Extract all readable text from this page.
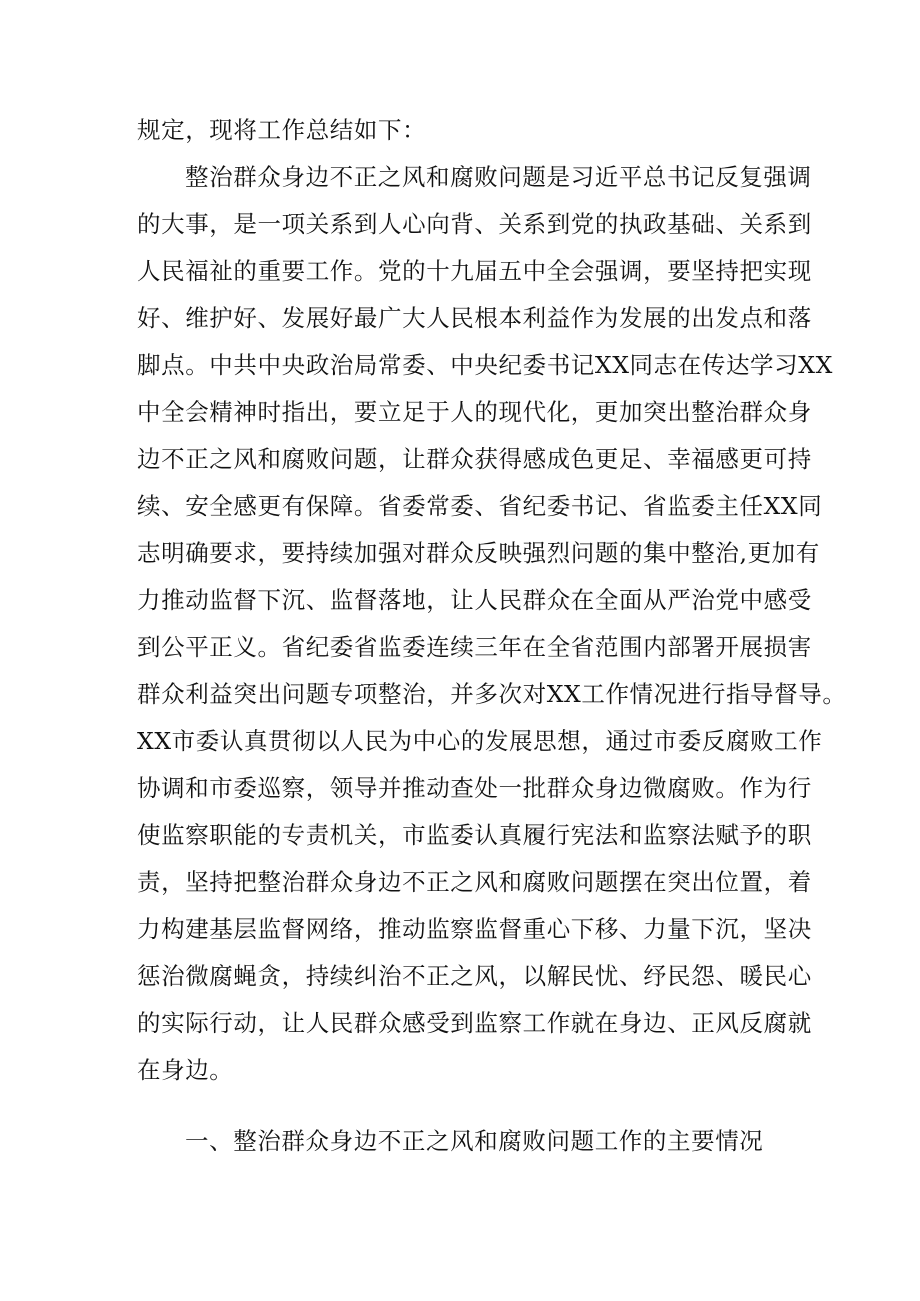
规定，现将工作总结如下：
整治群众身边不正之风和腐败问题是习近平总书记反复强调
的大事，是一项关系到人心向背、关系到党的执政基础、关系到
人民福祉的重要工作。党的十九届五中全会强调，要坚持把实现
好、维护好、发展好最广大人民根本利益作为发展的出发点和落
脚点。中共中央政治局常委、中央纪委书记XX同志在传达学习XX
中全会精神时指出，要立足于人的现代化，更加突出整治群众身
边不正之风和腐败问题，让群众获得感成色更足、幸福感更可持
续、安全感更有保障。省委常委、省纪委书记、省监委主任XX同
志明确要求，要持续加强对群众反映强烈问题的集中整治,更加有
力推动监督下沉、监督落地，让人民群众在全面从严治党中感受
到公平正义。省纪委省监委连续三年在全省范围内部署开展损害
群众利益突出问题专项整治，并多次对XX工作情况进行指导督导。
XX市委认真贯彻以人民为中心的发展思想，通过市委反腐败工作
协调和市委巡察，领导并推动查处一批群众身边微腐败。作为行
使监察职能的专责机关，市监委认真履行宪法和监察法赋予的职
责，坚持把整治群众身边不正之风和腐败问题摆在突出位置，着
力构建基层监督网络，推动监察监督重心下移、力量下沉，坚决
惩治微腐蝇贪，持续纠治不正之风，以解民忧、纾民怨、暖民心
的实际行动，让人民群众感受到监察工作就在身边、正风反腐就
在身边。
一、整治群众身边不正之风和腐败问题工作的主要情况
